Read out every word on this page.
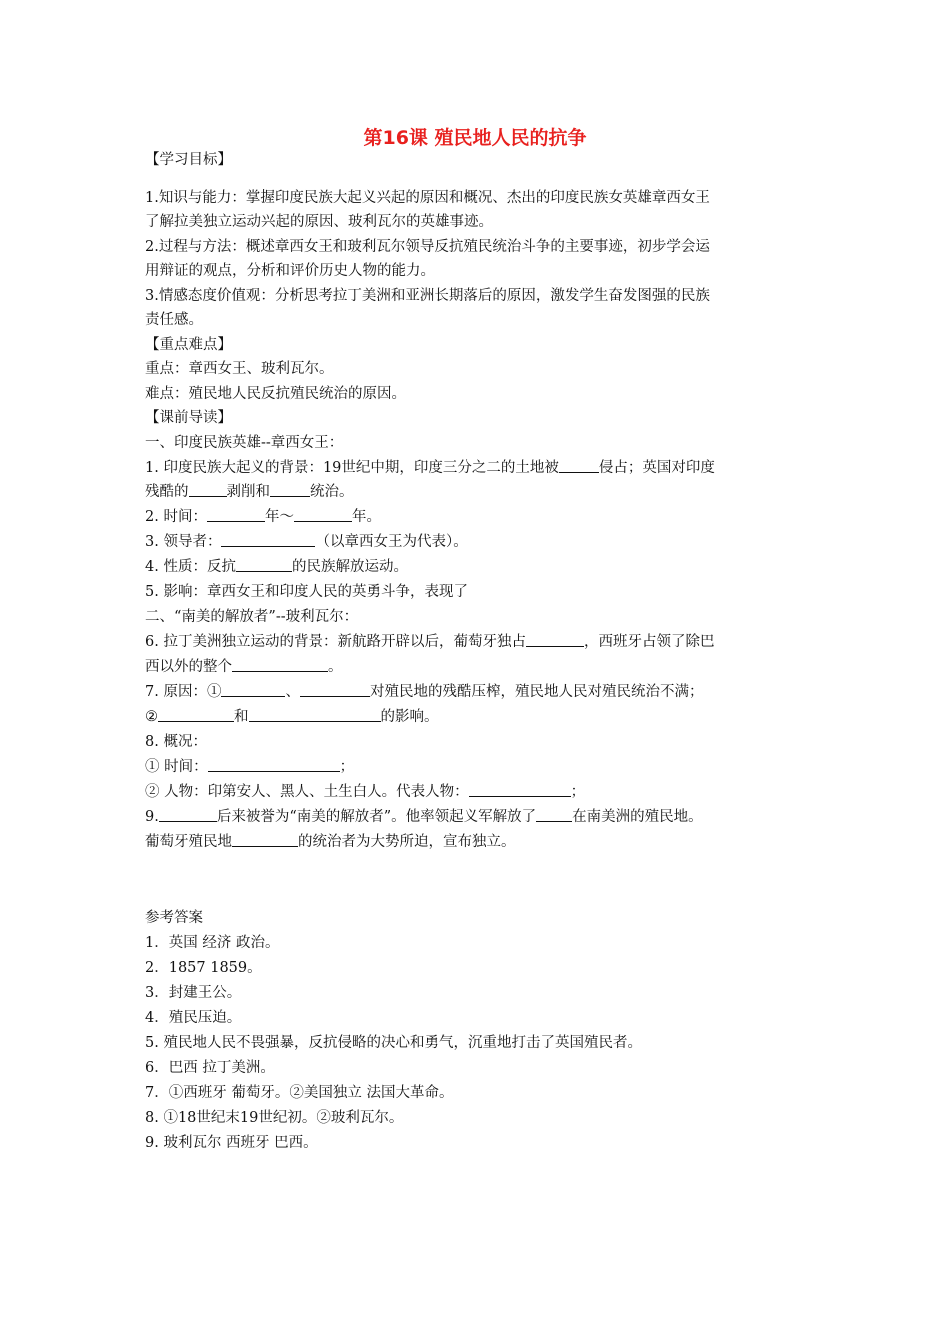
第16课 殖民地人民的抗争
【学习目标】
1.知识与能力：掌握印度民族大起义兴起的原因和概况、杰出的印度民族女英雄章西女王
了解拉美独立运动兴起的原因、玻利瓦尔的英雄事迹。
2.过程与方法：概述章西女王和玻利瓦尔领导反抗殖民统治斗争的主要事迹，初步学会运
用辩证的观点，分析和评价历史人物的能力。
3.情感态度价值观：分析思考拉丁美洲和亚洲长期落后的原因，激发学生奋发图强的民族
责任感。
【重点难点】
重点：章西女王、玻利瓦尔。
难点：殖民地人民反抗殖民统治的原因。
【课前导读】
一、印度民族英雄--章西女王：
1. 印度民族大起义的背景：19世纪中期，印度三分之二的土地被	侵占；英国对印度
残酷的	剥削和	统治。
2. 时间：	年～	年。
3. 领导者：	（以章西女王为代表）。
4. 性质：反抗	的民族解放运动。
5. 影响：章西女王和印度人民的英勇斗争，表现了
二、“南美的解放者”--玻利瓦尔：
6. 拉丁美洲独立运动的背景：新航路开辟以后，葡萄牙独占	，西班牙占领了除巴
西以外的整个	。
7. 原因：①	、	对殖民地的残酷压榨，殖民地人民对殖民统治不满；
②	和	的影响。
8. 概况：
① 时间：	；
② 人物：印第安人、黑人、土生白人。代表人物：	；
9.	后来被誉为“南美的解放者”。他率领起义军解放了 在南美洲的殖民地。
葡萄牙殖民地	的统治者为大势所迫，宣布独立。
参考答案
1．英国 经济 政治。
2．1857 1859。
3．封建王公。
4．殖民压迫。
5. 殖民地人民不畏强暴，反抗侵略的决心和勇气，沉重地打击了英国殖民者。
6．巴西 拉丁美洲。
7．①西班牙 葡萄牙。②美国独立 法国大革命。
8. ①18世纪末19世纪初。②玻利瓦尔。
9. 玻利瓦尔 西班牙 巴西。
